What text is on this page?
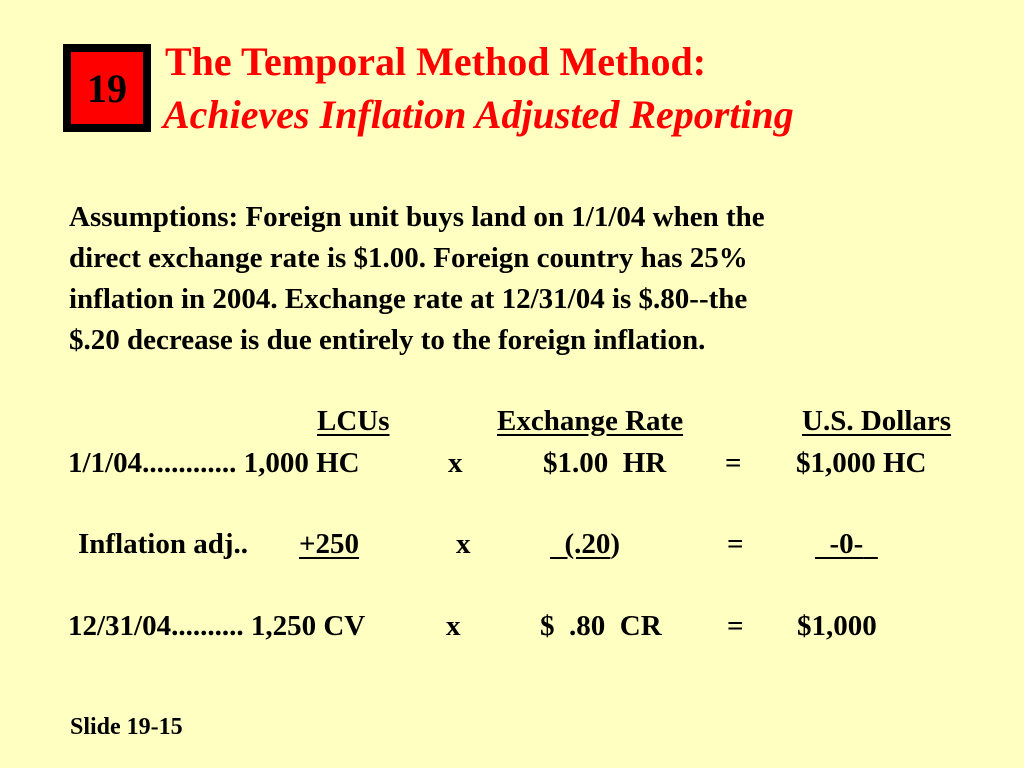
19
The Temporal Method Method:
Achieves Inflation Adjusted Reporting
Assumptions: Foreign unit buys land on 1/1/04 when the
direct exchange rate is $1.00. Foreign country has 25%
inflation in 2004. Exchange rate at 12/31/04 is $.80--the
$.20 decrease is due entirely to the foreign inflation.
LCUs	Exchange Rate	U.S. Dollars
1/1/04............. 1,000 HC	x	$1.00  HR = $1,000 HC
Inflation adj.. +250	x	(.20)	=	-0-
12/31/04.......... 1,250 CV	x	$  .80  CR = $1,000
Slide 19-15
